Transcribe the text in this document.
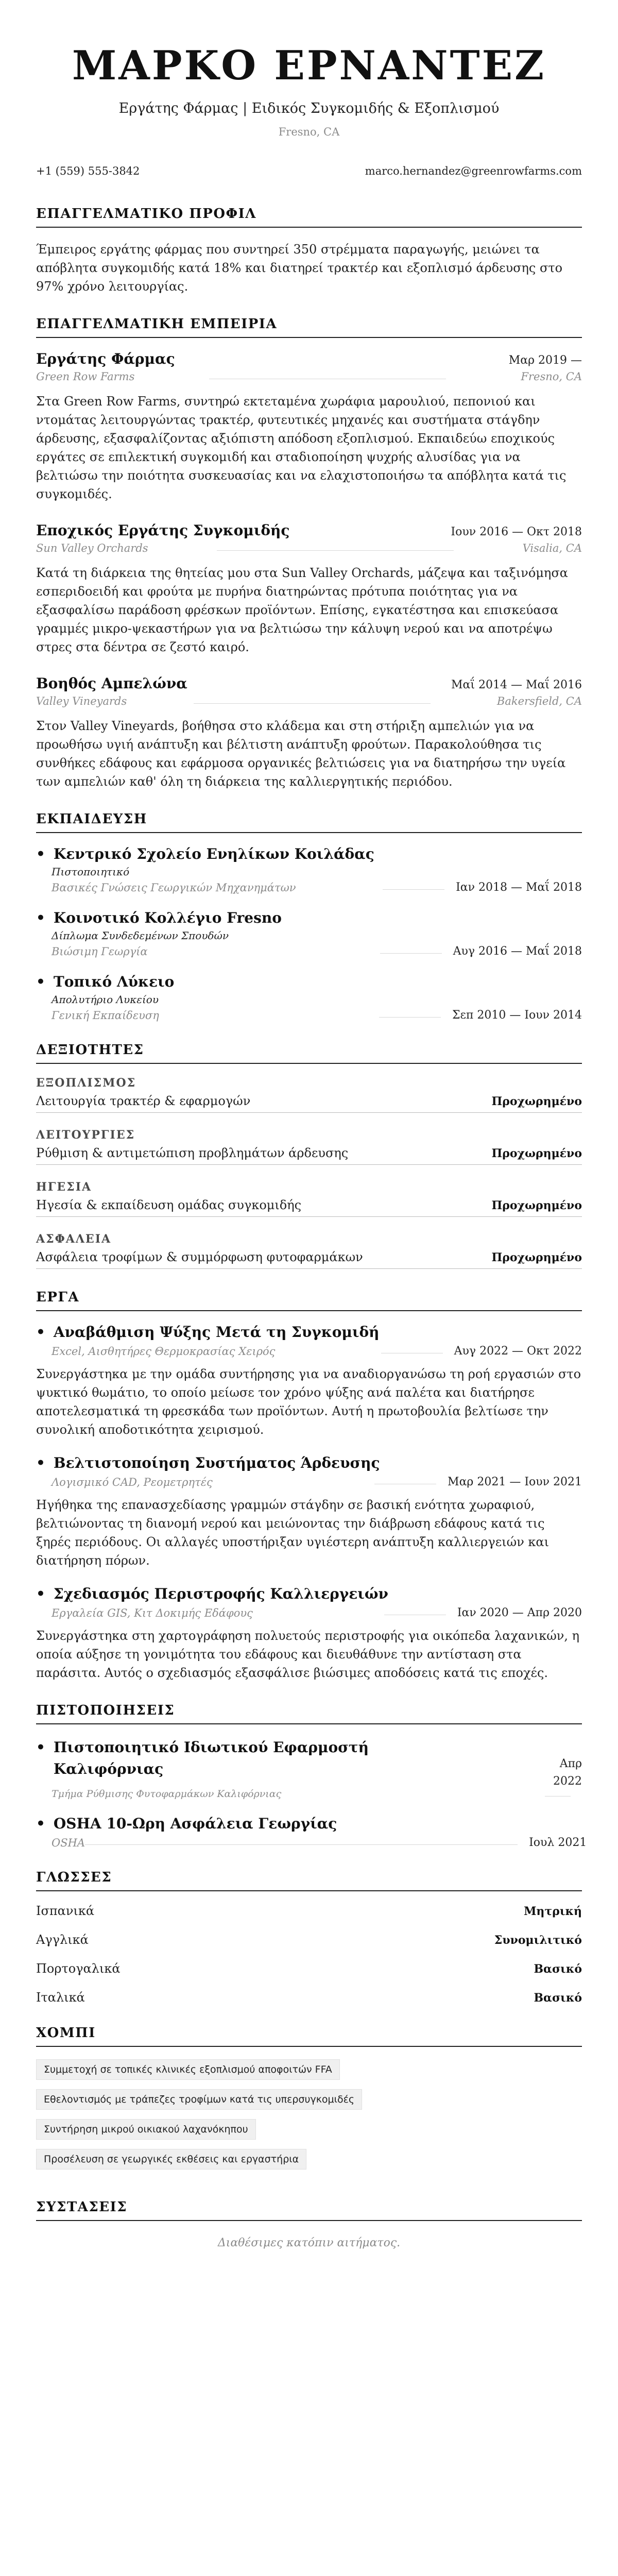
ΜΑΡΚΟ ΕΡΝΑΝΤΕΖ
Εργάτης Φάρμας | Ειδικός Συγκομιδής & Εξοπλισμού
Fresno, CA
+1 (559) 555-3842	marco.hernandez@greenrowfarms.com
ΕΠΑΓΓΕΛΜΑΤΙΚΟ ΠΡΟΦΙΛ

Έμπειρος εργάτης φάρμας που συντηρεί 350 στρέμματα παραγωγής, μειώνει τα απόβλητα συγκομιδής κατά 18% και διατηρεί τρακτέρ και εξοπλισμό άρδευσης στο 97% χρόνο λειτουργίας.

ΕΠΑΓΓΕΛΜΑΤΙΚΗ ΕΜΠΕΙΡΙΑ
Εργάτης Φάρμας	Μαρ 2019 —
Green Row Farms	Fresno, CA

Στα Green Row Farms, συντηρώ εκτεταμένα χωράφια μαρουλιού, πεπονιού και ντομάτας λειτουργώντας τρακτέρ, φυτευτικές μηχανές και συστήματα στάγδην άρδευσης, εξασφαλίζοντας αξιόπιστη απόδοση εξοπλισμού. Εκπαιδεύω εποχικούς εργάτες σε επιλεκτική συγκομιδή και σταδιοποίηση ψυχρής αλυσίδας για να βελτιώσω την ποιότητα συσκευασίας και να ελαχιστοποιήσω τα απόβλητα κατά τις συγκομιδές.

Εποχικός Εργάτης Συγκομιδής	Ιουν 2016 — Οκτ 2018
Sun Valley Orchards	Visalia, CA

Κατά τη διάρκεια της θητείας μου στα Sun Valley Orchards, μάζεψα και ταξινόμησα εσπεριδοειδή και φρούτα με πυρήνα διατηρώντας πρότυπα ποιότητας για να εξασφαλίσω παράδοση φρέσκων προϊόντων. Επίσης, εγκατέστησα και επισκεύασα γραμμές μικρο-ψεκαστήρων για να βελτιώσω την κάλυψη νερού και να αποτρέψω στρες στα δέντρα σε ζεστό καιρό.

Βοηθός Αμπελώνα	Μαΐ 2014 — Μαΐ 2016
Valley Vineyards	Bakersfield, CA

Στον Valley Vineyards, βοήθησα στο κλάδεμα και στη στήριξη αμπελιών για να προωθήσω υγιή ανάπτυξη και βέλτιστη ανάπτυξη φρούτων. Παρακολούθησα τις συνθήκες εδάφους και εφάρμοσα οργανικές βελτιώσεις για να διατηρήσω την υγεία των αμπελιών καθ' όλη τη διάρκεια της καλλιεργητικής περιόδου.

ΕΚΠΑΙΔΕΥΣΗ
• Κεντρικό Σχολείο Ενηλίκων Κοιλάδας
Πιστοποιητικό
Βασικές Γνώσεις Γεωργικών Μηχανημάτων	Ιαν 2018 — Μαΐ 2018
• Κοινοτικό Κολλέγιο Fresno
Δίπλωμα Συνδεδεμένων Σπουδών
Βιώσιμη Γεωργία	Αυγ 2016 — Μαΐ 2018
• Τοπικό Λύκειο
Απολυτήριο Λυκείου
Γενική Εκπαίδευση	Σεπ 2010 — Ιουν 2014
ΔΕΞΙΟΤΗΤΕΣ
ΕΞΟΠΛΙΣΜΟΣ
Λειτουργία τρακτέρ & εφαρμογών	Προχωρημένο
ΛΕΙΤΟΥΡΓΙΕΣ
Ρύθμιση & αντιμετώπιση προβλημάτων άρδευσης	Προχωρημένο
ΗΓΕΣΙΑ
Ηγεσία & εκπαίδευση ομάδας συγκομιδής	Προχωρημένο
ΑΣΦΑΛΕΙΑ
Ασφάλεια τροφίμων & συμμόρφωση φυτοφαρμάκων	Προχωρημένο
ΕΡΓΑ
• Αναβάθμιση Ψύξης Μετά τη Συγκομιδή
Excel, Αισθητήρες Θερμοκρασίας Χειρός	Αυγ 2022 — Οκτ 2022

Συνεργάστηκα με την ομάδα συντήρησης για να αναδιοργανώσω τη ροή εργασιών στο ψυκτικό θωμάτιο, το οποίο μείωσε τον χρόνο ψύξης ανά παλέτα και διατήρησε αποτελεσματικά τη φρεσκάδα των προϊόντων. Αυτή η πρωτοβουλία βελτίωσε την συνολική αποδοτικότητα χειρισμού.

• Βελτιστοποίηση Συστήματος Άρδευσης
Λογισμικό CAD, Ρεομετρητές	Μαρ 2021 — Ιουν 2021

Ηγήθηκα της επανασχεδίασης γραμμών στάγδην σε βασική ενότητα χωραφιού, βελτιώνοντας τη διανομή νερού και μειώνοντας την διάβρωση εδάφους κατά τις ξηρές περιόδους. Οι αλλαγές υποστήριξαν υγιέστερη ανάπτυξη καλλιεργειών και διατήρηση πόρων.

• Σχεδιασμός Περιστροφής Καλλιεργειών
Εργαλεία GIS, Κιτ Δοκιμής Εδάφους	Ιαν 2020 — Απρ 2020

Συνεργάστηκα στη χαρτογράφηση πολυετούς περιστροφής για οικόπεδα λαχανικών, η οποία αύξησε τη γονιμότητα του εδάφους και διευθάθυνε την αντίσταση στα παράσιτα. Αυτός ο σχεδιασμός εξασφάλισε βιώσιμες αποδόσεις κατά τις εποχές.

ΠΙΣΤΟΠΟΙΗΣΕΙΣ
• Πιστοποιητικό Ιδιωτικού Εφαρμοστή
Καλιφόρνιας	Απρ
2022
Τμήμα Ρύθμισης Φυτοφαρμάκων Καλιφόρνιας
• OSHA 10-Ωρη Ασφάλεια Γεωργίας
OSHA	Ιουλ 2021
ΓΛΩΣΣΕΣ
Ισπανικά	Μητρική
Αγγλικά	Συνομιλιτικό
Πορτογαλικά	Βασικό
Ιταλικά	Βασικό
ΧΟΜΠΙ
Συμμετοχή σε τοπικές κλινικές εξοπλισμού αποφοιτών FFA
Εθελοντισμός με τράπεζες τροφίμων κατά τις υπερσυγκομιδές
Συντήρηση μικρού οικιακού λαχανόκηπου
Προσέλευση σε γεωργικές εκθέσεις και εργαστήρια
ΣΥΣΤΑΣΕΙΣ
Διαθέσιμες κατόπιν αιτήματος.
